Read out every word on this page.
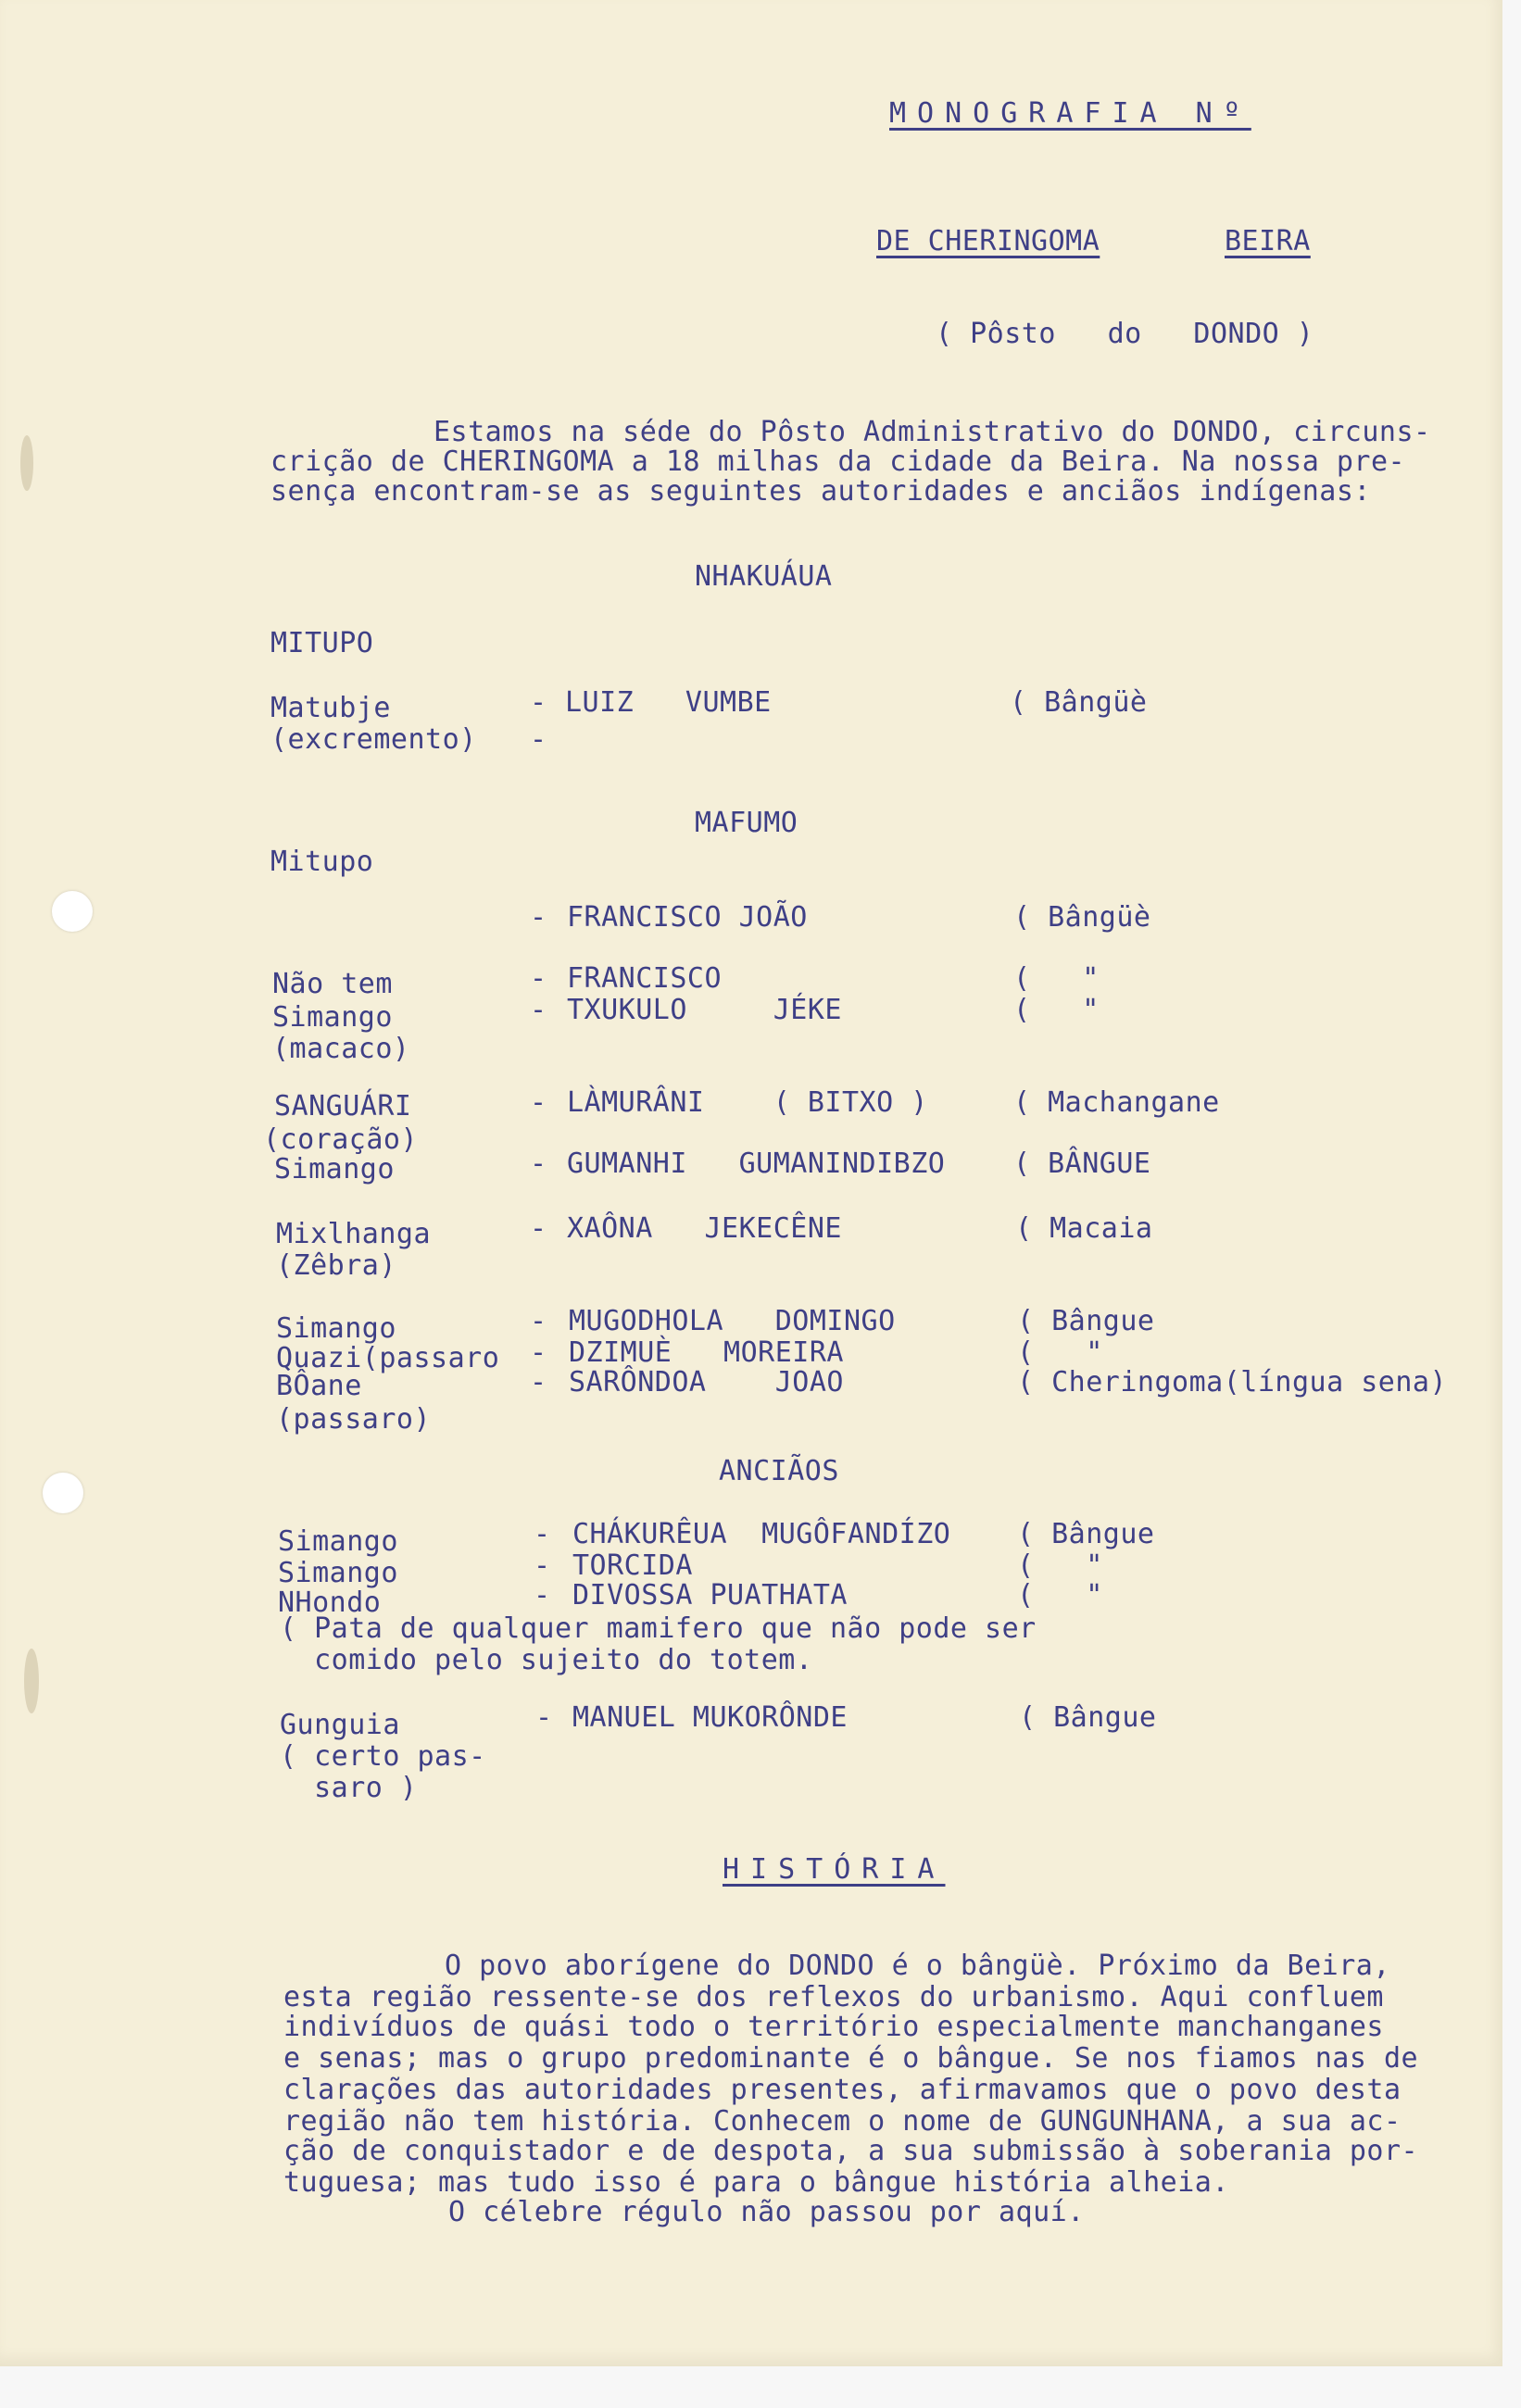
MONOGRAFIA Nº
DE CHERINGOMA	BEIRA
( Pôsto   do   DONDO )
Estamos na séde do Pôsto Administrativo do DONDO, circuns-
crição de CHERINGOMA a 18 milhas da cidade da Beira. Na nossa pre-
sença encontram-se as seguintes autoridades e anciãos indígenas:
NHAKUÁUA
MITUPO
Matubje	- LUIZ   VUMBE	( Bângüè
(excremento) -
MAFUMO
Mitupo
- FRANCISCO JOÃO	( Bângüè
Não tem	- FRANCISCO	(   "
Simango	- TXUKULO     JÉKE	(   "
(macaco)
SANGUÁRI	- LÀMURÂNI    ( BITXO )	( Machangane
(coração)
Simango	- GUMANHI   GUMANINDIBZO ( BÂNGUE
Mixlhanga	- XAÔNA   JEKECÊNE	( Macaia
(Zêbra)
Simango	- MUGODHOLA   DOMINGO	( Bângue
Quazi(passaro - DZIMUÈ   MOREIRA	(   "
BÔane	- SARÔNDOA    JOAO	( Cheringoma(língua sena)
(passaro)
ANCIÃOS
Simango	- CHÁKURÊUA  MUGÔFANDÍZO ( Bângue
Simango	- TORCIDA	(   "
NHondo	- DIVOSSA PUATHATA	(   "
( Pata de qualquer mamifero que não pode ser
comido pelo sujeito do totem.
Gunguia	- MANUEL MUKORÔNDE	( Bângue
( certo pas-
saro )
HISTÓRIA
O povo aborígene do DONDO é o bângüè. Próximo da Beira,
esta região ressente-se dos reflexos do urbanismo. Aqui confluem
indivíduos de quási todo o território especialmente manchanganes
e senas; mas o grupo predominante é o bângue. Se nos fiamos nas de
clarações das autoridades presentes, afirmavamos que o povo desta
região não tem história. Conhecem o nome de GUNGUNHANA, a sua ac-
ção de conquistador e de despota, a sua submissão à soberania por-
tuguesa; mas tudo isso é para o bângue história alheia.
O célebre régulo não passou por aquí.
